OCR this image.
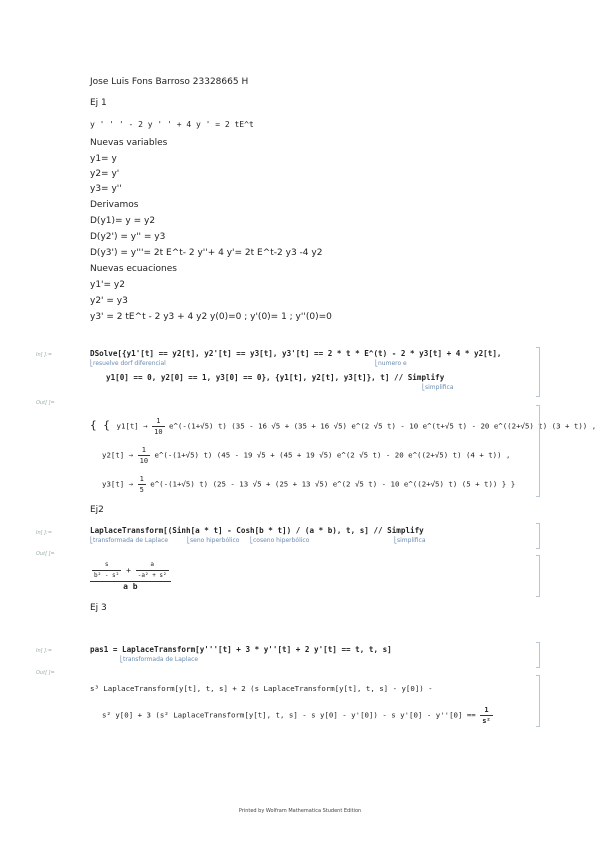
Jose Luis Fons Barroso 23328665 H
Ej 1
y ' ' ' - 2 y ' ' + 4 y ' = 2 tE^t
Nuevas variables
y1= y
y2= y'
y3= y''
Derivamos
D(y1)= y = y2
D(y2') = y'' = y3
D(y3') = y'''= 2t E^t- 2 y''+ 4 y'= 2t E^t-2 y3 -4 y2
Nuevas ecuaciones
y1'= y2
y2' = y3
y3' = 2 tE^t - 2 y3 + 4 y2 y(0)=0 ; y'(0)= 1 ; y''(0)=0
In[ ]:=	DSolve[{y1'[t] == y2[t], y2'[t] == y3[t], y3'[t] == 2 * t * E^(t) - 2 * y3[t] + 4 * y2[t],
⎣ resuelve dorf diferencial	⎣ numero e
y1[0] == 0, y2[0] == 1, y3[0] == 0}, {y1[t], y2[t], y3[t]}, t] // Simplify
⎣ simplifica
Out[ ]=
{ { $y1[t] \to \frac{1}{10}$ e^(-(1+√5) t) (35 - 16 √5 + (35 + 16 √5) e^(2 √5 t) - 10 e^(t+√5 t) - 20 e^((2+√5) t) (3 + t)) ,
$y2[t] \to \frac{1}{10}$ e^(-(1+√5) t) (45 - 19 √5 + (45 + 19 √5) e^(2 √5 t) - 20 e^((2+√5) t) (4 + t)) ,
$y3[t] \to \frac{1}{5}$ e^(-(1+√5) t) (25 - 13 √5 + (25 + 13 √5) e^(2 √5 t) - 10 e^((2+√5) t) (5 + t)) } }
Ej2
In[ ]:=	LaplaceTransform[(Sinh[a * t] - Cosh[b * t]) / (a * b), t, s] // Simplify
⎣ transformada de Laplace	⎣ seno hiperbólico	⎣ coseno hiperbólico	⎣ simplifica
Out[ ]=
$\frac{\frac{s}{\text{b² - s²}} + \frac{a}{\text{-a² + s²}}}{\text{a b}}$
Ej 3
In[ ]:=	pas1 = LaplaceTransform[y'''[t] + 3 * y''[t] + 2 y'[t] == t, t, s]
⎣ transformada de Laplace
Out[ ]=
s³ LaplaceTransform[y[t], t, s] + 2 (s LaplaceTransform[y[t], t, s] - y[0]) -
s² y[0] + 3 (s² LaplaceTransform[y[t], t, s] - s y[0] - y'[0]) - s $y'[0] - y''[0] == \frac{1}{\text{s²}}$
Printed by Wolfram Mathematica Student Edition
